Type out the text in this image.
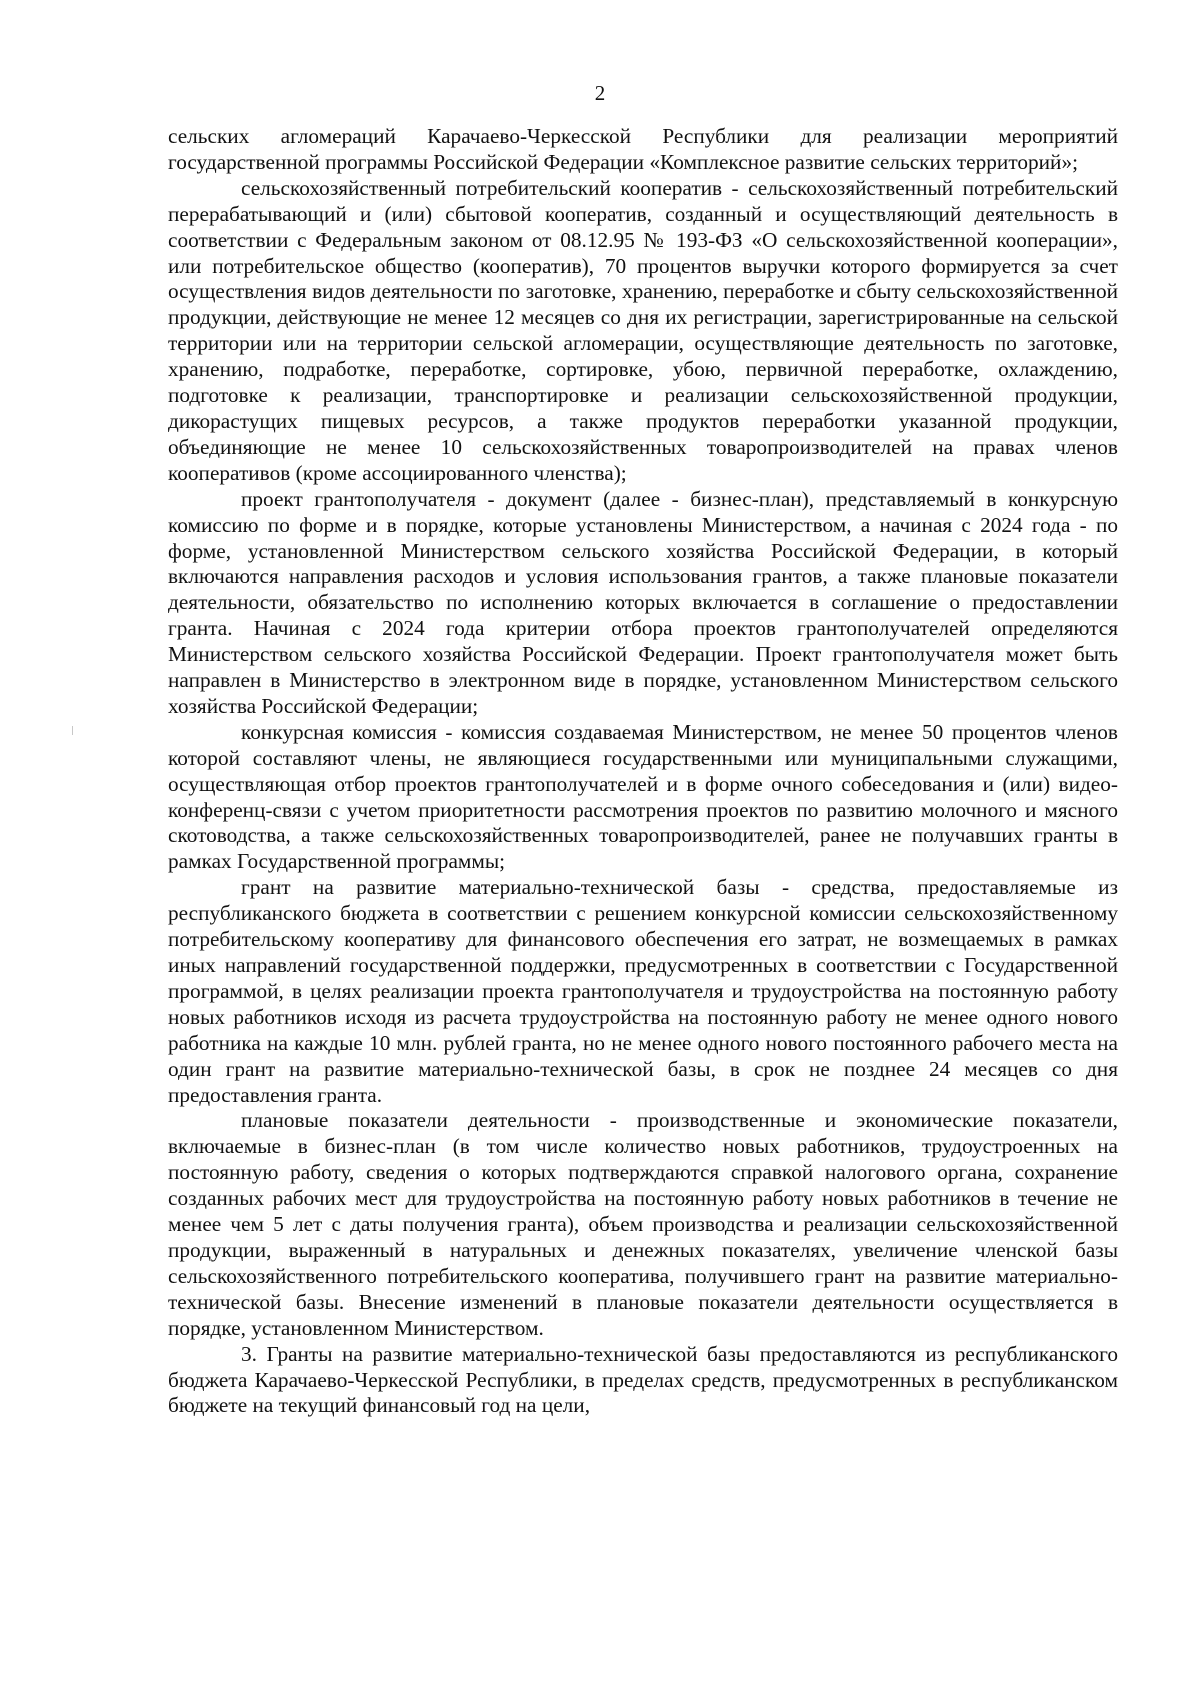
2

сельских агломераций Карачаево-Черкесской Республики для реализации мероприятий государственной программы Российской Федерации «Комплексное развитие сельских территорий»;

сельскохозяйственный потребительский кооператив - сельскохозяйственный потребительский перерабатывающий и (или) сбытовой кооператив, созданный и осуществляющий деятельность в соответствии с Федеральным законом от 08.12.95 № 193-ФЗ «О сельскохозяйственной кооперации», или потребительское общество (кооператив), 70 процентов выручки которого формируется за счет осуществления видов деятельности по заготовке, хранению, переработке и сбыту сельскохозяйственной продукции, действующие не менее 12 месяцев со дня их регистрации, зарегистрированные на сельской территории или на территории сельской агломерации, осуществляющие деятельность по заготовке, хранению, подработке, переработке, сортировке, убою, первичной переработке, охлаждению, подготовке к реализации, транспортировке и реализации сельскохозяйственной продукции, дикорастущих пищевых ресурсов, а также продуктов переработки указанной продукции, объединяющие не менее 10 сельскохозяйственных товаропроизводителей на правах членов кооперативов (кроме ассоциированного членства);

проект грантополучателя - документ (далее - бизнес-план), представляемый в конкурсную комиссию по форме и в порядке, которые установлены Министерством, а начиная с 2024 года - по форме, установленной Министерством сельского хозяйства Российской Федерации, в который включаются направления расходов и условия использования грантов, а также плановые показатели деятельности, обязательство по исполнению которых включается в соглашение о предоставлении гранта. Начиная с 2024 года критерии отбора проектов грантополучателей определяются Министерством сельского хозяйства Российской Федерации. Проект грантополучателя может быть направлен в Министерство в электронном виде в порядке, установленном Министерством сельского хозяйства Российской Федерации;

конкурсная комиссия - комиссия создаваемая Министерством, не менее 50 процентов членов которой составляют члены, не являющиеся государственными или муниципальными служащими, осуществляющая отбор проектов грантополучателей и в форме очного собеседования и (или) видео-конференц-связи с учетом приоритетности рассмотрения проектов по развитию молочного и мясного скотоводства, а также сельскохозяйственных товаропроизводителей, ранее не получавших гранты в рамках Государственной программы;

грант на развитие материально-технической базы - средства, предоставляемые из республиканского бюджета в соответствии с решением конкурсной комиссии сельскохозяйственному потребительскому кооперативу для финансового обеспечения его затрат, не возмещаемых в рамках иных направлений государственной поддержки, предусмотренных в соответствии с Государственной программой, в целях реализации проекта грантополучателя и трудоустройства на постоянную работу новых работников исходя из расчета трудоустройства на постоянную работу не менее одного нового работника на каждые 10 млн. рублей гранта, но не менее одного нового постоянного рабочего места на один грант на развитие материально-технической базы, в срок не позднее 24 месяцев со дня предоставления гранта.

плановые показатели деятельности - производственные и экономические показатели, включаемые в бизнес-план (в том числе количество новых работников, трудоустроенных на постоянную работу, сведения о которых подтверждаются справкой налогового органа, сохранение созданных рабочих мест для трудоустройства на постоянную работу новых работников в течение не менее чем 5 лет с даты получения гранта), объем производства и реализации сельскохозяйственной продукции, выраженный в натуральных и денежных показателях, увеличение членской базы сельскохозяйственного потребительского кооператива, получившего грант на развитие материально-технической базы. Внесение изменений в плановые показатели деятельности осуществляется в порядке, установленном Министерством.

3. Гранты на развитие материально-технической базы предоставляются из республиканского бюджета Карачаево-Черкесской Республики, в пределах средств, предусмотренных в республиканском бюджете на текущий финансовый год на цели,
